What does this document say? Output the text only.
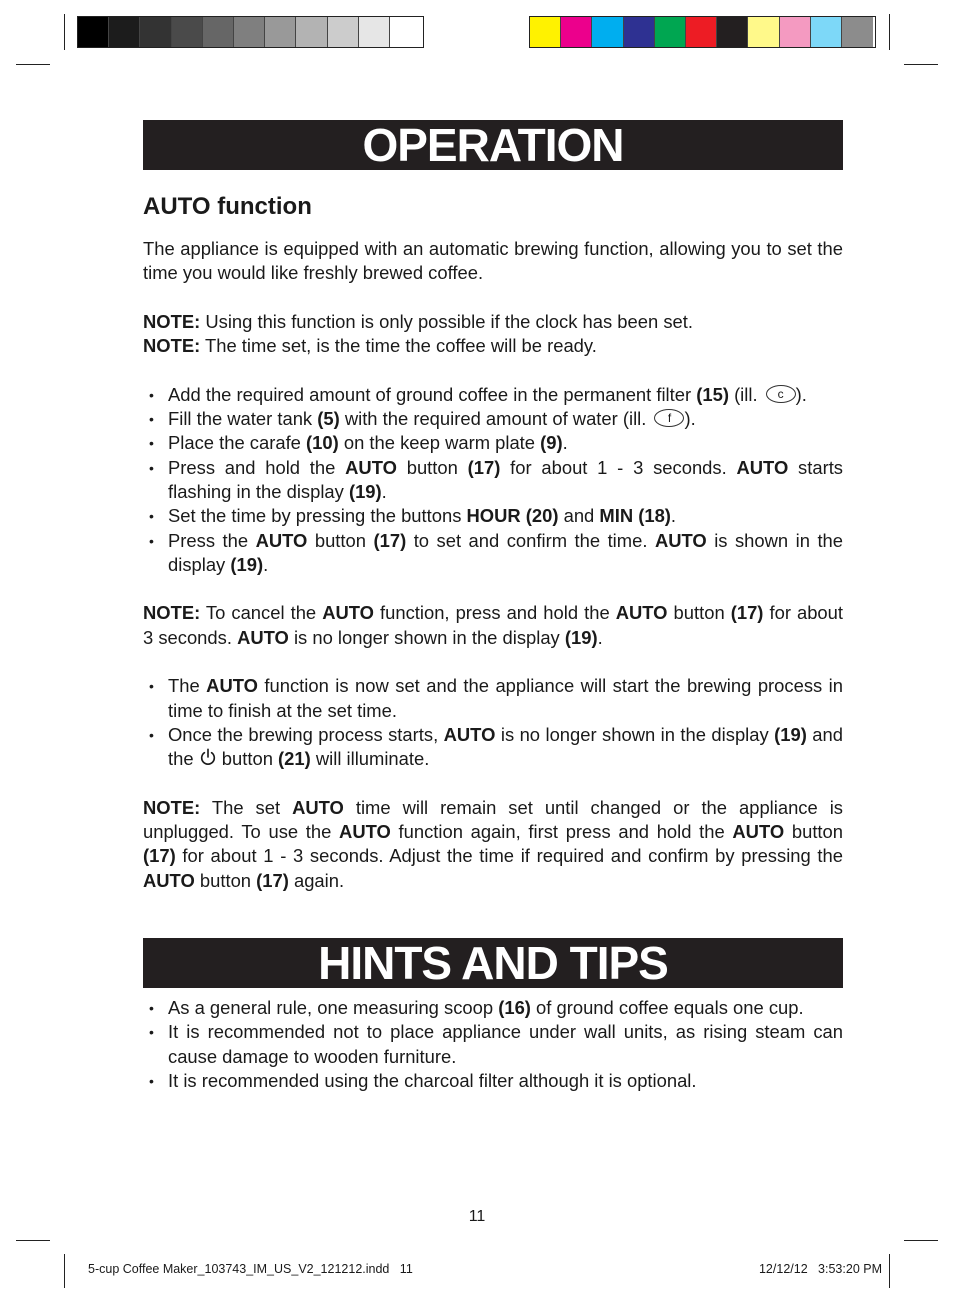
OPERATION
AUTO function

The appliance is equipped with an automatic brewing function, allowing you to set the time you would like freshly brewed coffee.

NOTE: Using this function is only possible if the clock has been set.

NOTE: The time set, is the time the coffee will be ready.

• Add the required amount of ground coffee in the permanent filter (15) (ill. c ).
• Fill the water tank (5) with the required amount of water (ill. f ).
• Place the carafe (10) on the keep warm plate (9).
• Press and hold the AUTO button (17) for about 1 - 3 seconds. AUTO starts flashing in the display (19).
• Set the time by pressing the buttons HOUR (20) and MIN (18).
• Press the AUTO button (17) to set and confirm the time. AUTO is shown in the display (19).

NOTE: To cancel the AUTO function, press and hold the AUTO button (17) for about 3 seconds. AUTO is no longer shown in the display (19).

• The AUTO function is now set and the appliance will start the brewing process in time to finish at the set time.
• Once the brewing process starts, AUTO is no longer shown in the display (19) and the  button (21) will illuminate.

NOTE: The set AUTO time will remain set until changed or the appliance is unplugged. To use the AUTO function again, first press and hold the AUTO button (17) for about 1 - 3 seconds. Adjust the time if required and confirm by pressing the AUTO button (17) again.

HINTS AND TIPS
• As a general rule, one measuring scoop (16) of ground coffee equals one cup.
• It is recommended not to place appliance under wall units, as rising steam can cause damage to wooden furniture.
• It is recommended using the charcoal filter although it is optional.
11
5-cup Coffee Maker_103743_IM_US_V2_121212.indd   11	12/12/12   3:53:20 PM
